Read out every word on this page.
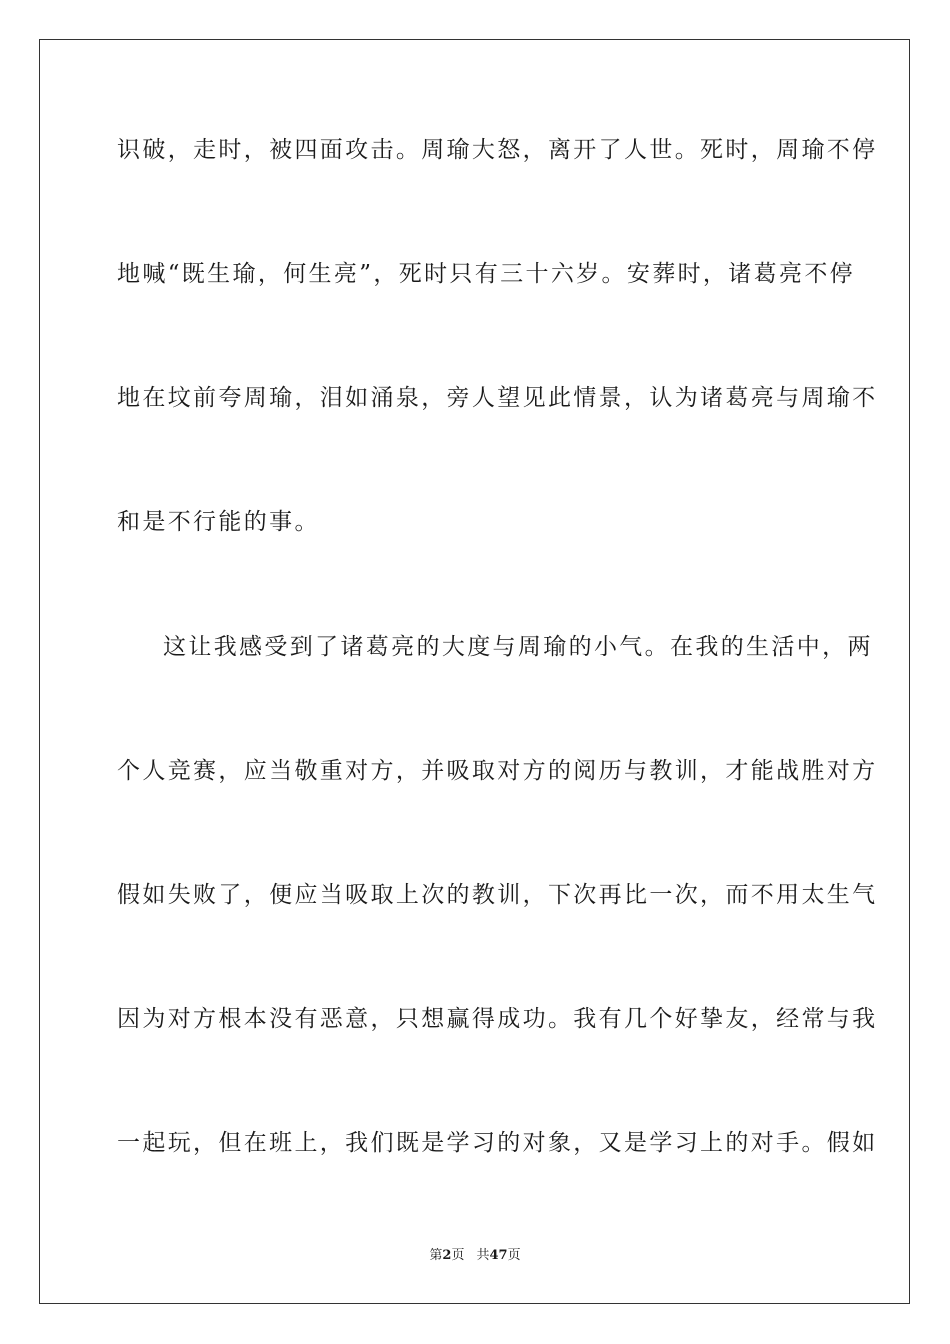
识破，走时，被四面攻击。周瑜大怒，离开了人世。死时，周瑜不停
地喊“既生瑜，何生亮”，死时只有三十六岁。安葬时，诸葛亮不停
地在坟前夸周瑜，泪如涌泉，旁人望见此情景，认为诸葛亮与周瑜不
和是不行能的事。
这让我感受到了诸葛亮的大度与周瑜的小气。在我的生活中，两
个人竞赛，应当敬重对方，并吸取对方的阅历与教训，才能战胜对方
假如失败了，便应当吸取上次的教训，下次再比一次，而不用太生气
因为对方根本没有恶意，只想赢得成功。我有几个好挚友，经常与我
一起玩，但在班上，我们既是学习的对象，又是学习上的对手。假如
第2页 共47页
